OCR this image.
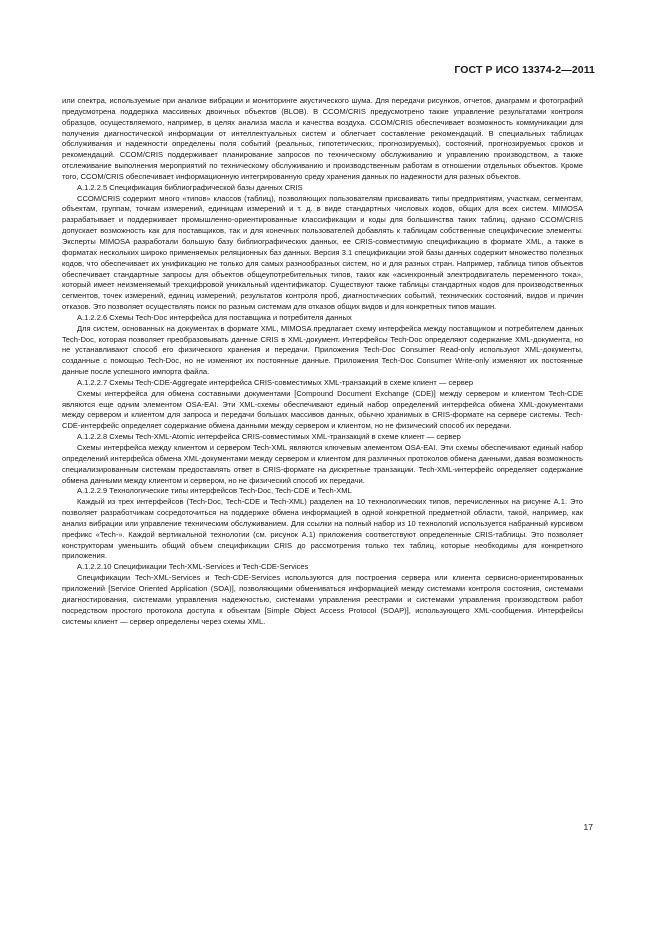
ГОСТ Р ИСО 13374-2—2011

или спектра, используемые при анализе вибрации и мониторинге акустического шума. Для передачи рисунков, отчетов, диаграмм и фотографий предусмотрена поддержка массивных двоичных объектов (BLOB). В CCOM/CRIS предусмотрено также управление результатами контроля образцов, осуществляемого, например, в целях анализа масла и качества воздуха. CCOM/CRIS обеспечивает возможность коммуникации для получения диагностической информации от интеллектуальных систем и облегчает составление рекомендаций. В специальных таблицах обслуживания и надежности определены поля событий (реальных, гипотетических, прогнозируемых), состояний, прогнозируемых сроков и рекомендаций. CCOM/CRIS поддерживает планирование запросов по техническому обслуживанию и управлению производством, а также отслеживание выполнения мероприятий по техническому обслуживанию и производственным работам в отношении отдельных объектов. Кроме того, CCOM/CRIS обеспечивает информационную интегрированную среду хранения данных по надежности для разных объектов.

А.1.2.2.5 Спецификация библиографической базы данных CRIS

CCOM/CRIS содержит много «типов» классов (таблиц), позволяющих пользователям присваивать типы предприятиям, участкам, сегментам, объектам, группам, точкам измерений, единицам измерений и т. д. в виде стандартных числовых кодов, общих для всех систем. MIMOSA разрабатывает и поддерживает промышленно-ориентированные классификации и коды для большинства таких таблиц, однако CCOM/CRIS допускает возможность как для поставщиков, так и для конечных пользователей добавлять к таблицам собственные специфические элементы. Эксперты MIMOSA разработали большую базу библиографических данных, ее CRIS-совместимую спецификацию в формате XML, а также в форматах нескольких широко применяемых реляционных баз данных. Версия 3.1 спецификации этой базы данных содержит множество полезных кодов, что обеспечивает их унификацию не только для самых разнообразных систем, но и для разных стран. Например, таблица типов объектов обеспечивает стандартные запросы для объектов общеупотребительных типов, таких как «асинхронный электродвигатель переменного тока», который имеет неизменяемый трехцифровой уникальный идентификатор. Существуют также таблицы стандартных кодов для производственных сегментов, точек измерений, единиц измерений, результатов контроля проб, диагностических событий, технических состояний, видов и причин отказов. Это позволяет осуществлять поиск по разным системам для отказов общих видов и для конкретных типов машин.

А.1.2.2.6 Схемы Tech-Doc интерфейса для поставщика и потребителя данных

Для систем, основанных на документах в формате XML, MIMOSA предлагает схему интерфейса между поставщиком и потребителем данных Tech-Doc, которая позволяет преобразовывать данные CRIS в XML-документ. Интерфейсы Tech-Doc определяют содержание XML-документа, но не устанавливают способ его физического хранения и передачи. Приложения Tech-Doc Consumer Read-only используют XML-документы, созданные с помощью Tech-Doc, но не изменяют их постоянные данные. Приложения Tech-Doc Consumer Write-only изменяют их постоянные данные после успешного импорта файла.

А.1.2.2.7 Схемы Tech-CDE-Aggregate интерфейса CRIS-совместимых XML-транзакций в схеме клиент — сервер

Схемы интерфейса для обмена составными документами [Compound Document Exchange (CDE)] между сервером и клиентом Tech-CDE являются еще одним элементом OSA-EAI. Эти XML-схемы обеспечивают единый набор определений интерфейса обмена XML-документами между сервером и клиентом для запроса и передачи больших массивов данных, обычно хранимых в CRIS-формате на сервере системы. Tech-CDE-интерфейс определяет содержание обмена данными между сервером и клиентом, но не физический способ их передачи.

А.1.2.2.8 Схемы Tech-XML-Atomic интерфейса CRIS-совместимых XML-транзакций в схеме клиент — сервер

Схемы интерфейса между клиентом и сервером Tech-XML являются ключевым элементом OSA-EAI. Эти схемы обеспечивают единый набор определений интерфейса обмена XML-документами между сервером и клиентом для различных протоколов обмена данными, давая возможность специализированным системам предоставлять ответ в CRIS-формате на дискретные транзакции. Tech-XML-интерфейс определяет содержание обмена данными между клиентом и сервером, но не физический способ их передачи.

А.1.2.2.9 Технологические типы интерфейсов Tech-Doc, Tech-CDE и Tech-XML

Каждый из трех интерфейсов (Tech-Doc, Tech-CDE и Tech-XML) разделен на 10 технологических типов, перечисленных на рисунке А.1. Это позволяет разработчикам сосредоточиться на поддержке обмена информацией в одной конкретной предметной области, такой, например, как анализ вибрации или управление техническим обслуживанием. Для ссылки на полный набор из 10 технологий используется набранный курсивом префикс «Tech-». Каждой вертикальной технологии (см. рисунок А.1) приложения соответствуют определенные CRIS-таблицы. Это позволяет конструкторам уменьшить общий объем спецификации CRIS до рассмотрения только тех таблиц, которые необходимы для конкретного приложения.

А.1.2.2.10 Спецификации Tech-XML-Services и Tech-CDE-Services

Спецификации Tech-XML-Services и Tech-CDE-Services используются для построения сервера или клиента сервисно-ориентированных приложений [Service Oriented Application (SOA)], позволяющими обмениваться информацией между системами контроля состояния, системами диагностирования, системами управления надежностью, системами управления реестрами и системами управления производством работ посредством простого протокола доступа к объектам [Simple Object Access Protocol (SOAP)], использующего XML-сообщения. Интерфейсы системы клиент — сервер определены через схемы XML.

17
